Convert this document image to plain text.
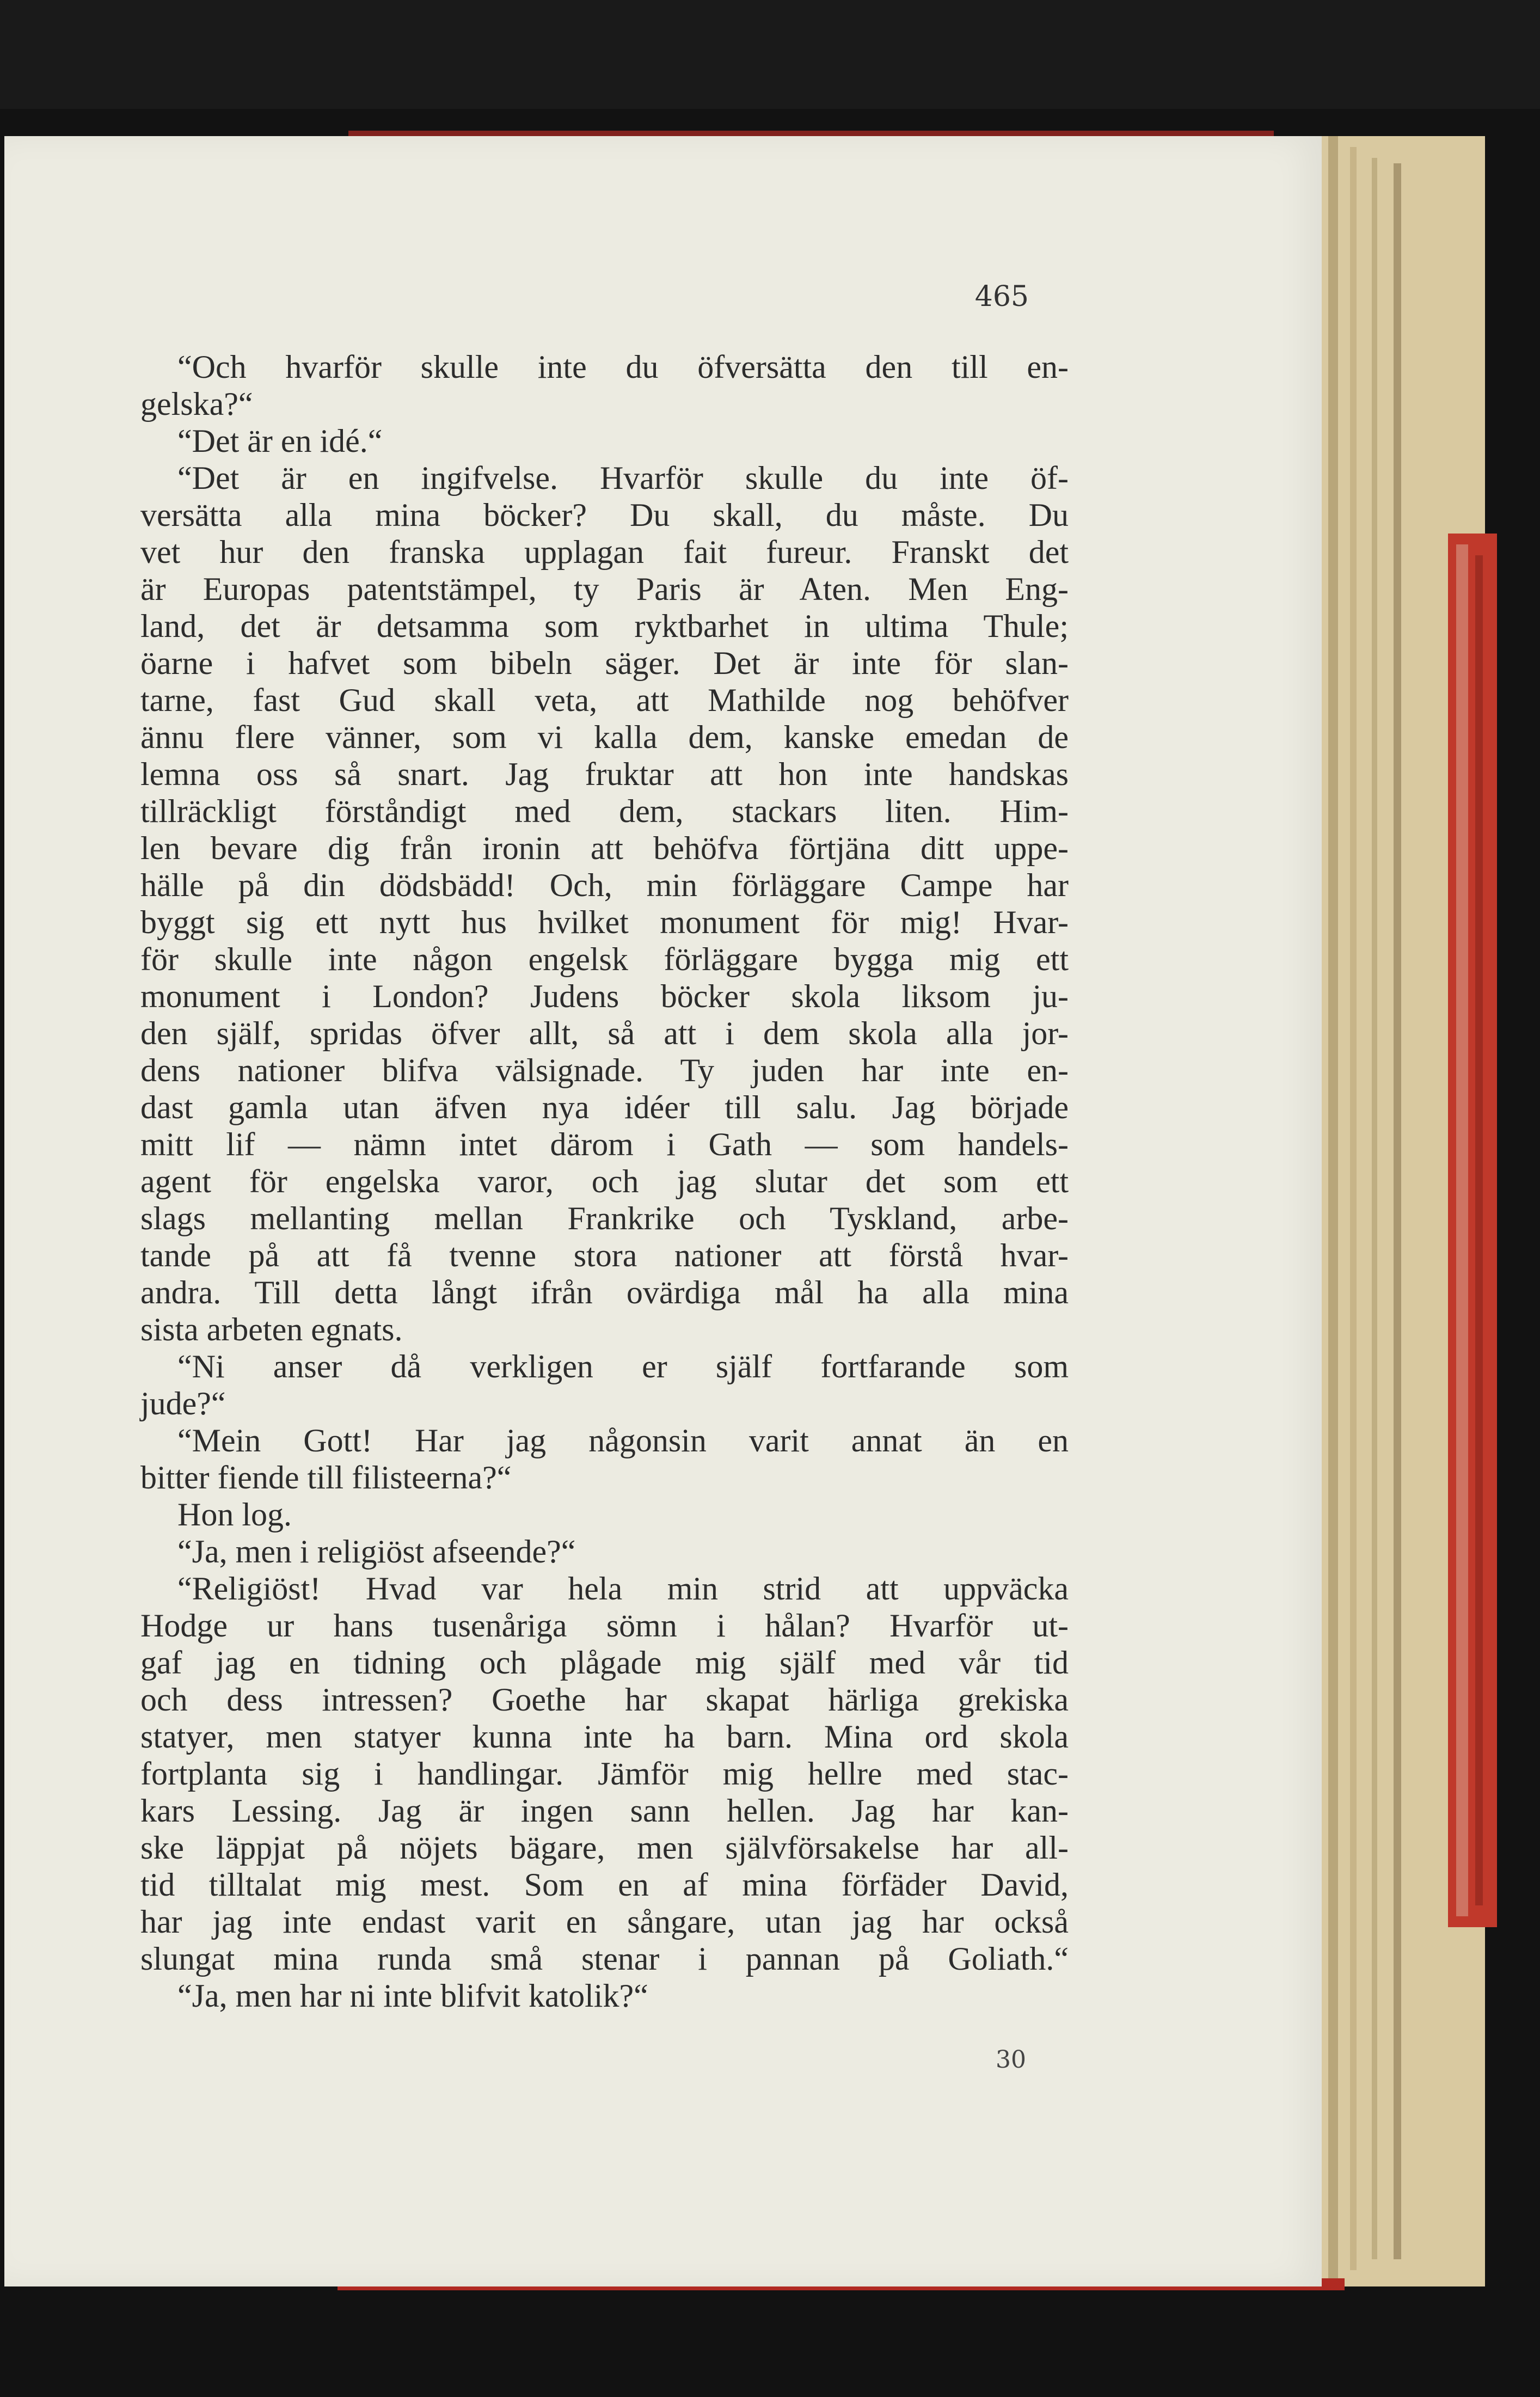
465
“Och hvarför skulle inte du öfversätta den till en-
gelska?“
“Det är en idé.“
“Det är en ingifvelse. Hvarför skulle du inte öf-
versätta alla mina böcker? Du skall, du måste. Du
vet hur den franska upplagan fait fureur. Franskt det
är Europas patentstämpel, ty Paris är Aten. Men Eng-
land, det är detsamma som ryktbarhet in ultima Thule;
öarne i hafvet som bibeln säger. Det är inte för slan-
tarne, fast Gud skall veta, att Mathilde nog behöfver
ännu flere vänner, som vi kalla dem, kanske emedan de
lemna oss så snart. Jag fruktar att hon inte handskas
tillräckligt förståndigt med dem, stackars liten. Him-
len bevare dig från ironin att behöfva förtjäna ditt uppe-
hälle på din dödsbädd! Och, min förläggare Campe har
byggt sig ett nytt hus hvilket monument för mig! Hvar-
för skulle inte någon engelsk förläggare bygga mig ett
monument i London? Judens böcker skola liksom ju-
den själf, spridas öfver allt, så att i dem skola alla jor-
dens nationer blifva välsignade. Ty juden har inte en-
dast gamla utan äfven nya idéer till salu. Jag började
mitt lif — nämn intet därom i Gath — som handels-
agent för engelska varor, och jag slutar det som ett
slags mellanting mellan Frankrike och Tyskland, arbe-
tande på att få tvenne stora nationer att förstå hvar-
andra. Till detta långt ifrån ovärdiga mål ha alla mina
sista arbeten egnats.
“Ni anser då verkligen er själf fortfarande som
jude?“
“Mein Gott! Har jag någonsin varit annat än en
bitter fiende till filisteerna?“
Hon log.
“Ja, men i religiöst afseende?“
“Religiöst! Hvad var hela min strid att uppväcka
Hodge ur hans tusenåriga sömn i hålan? Hvarför ut-
gaf jag en tidning och plågade mig själf med vår tid
och dess intressen? Goethe har skapat härliga grekiska
statyer, men statyer kunna inte ha barn. Mina ord skola
fortplanta sig i handlingar. Jämför mig hellre med stac-
kars Lessing. Jag är ingen sann hellen. Jag har kan-
ske läppjat på nöjets bägare, men självförsakelse har all-
tid tilltalat mig mest. Som en af mina förfäder David,
har jag inte endast varit en sångare, utan jag har också
slungat mina runda små stenar i pannan på Goliath.“
“Ja, men har ni inte blifvit katolik?“
30
